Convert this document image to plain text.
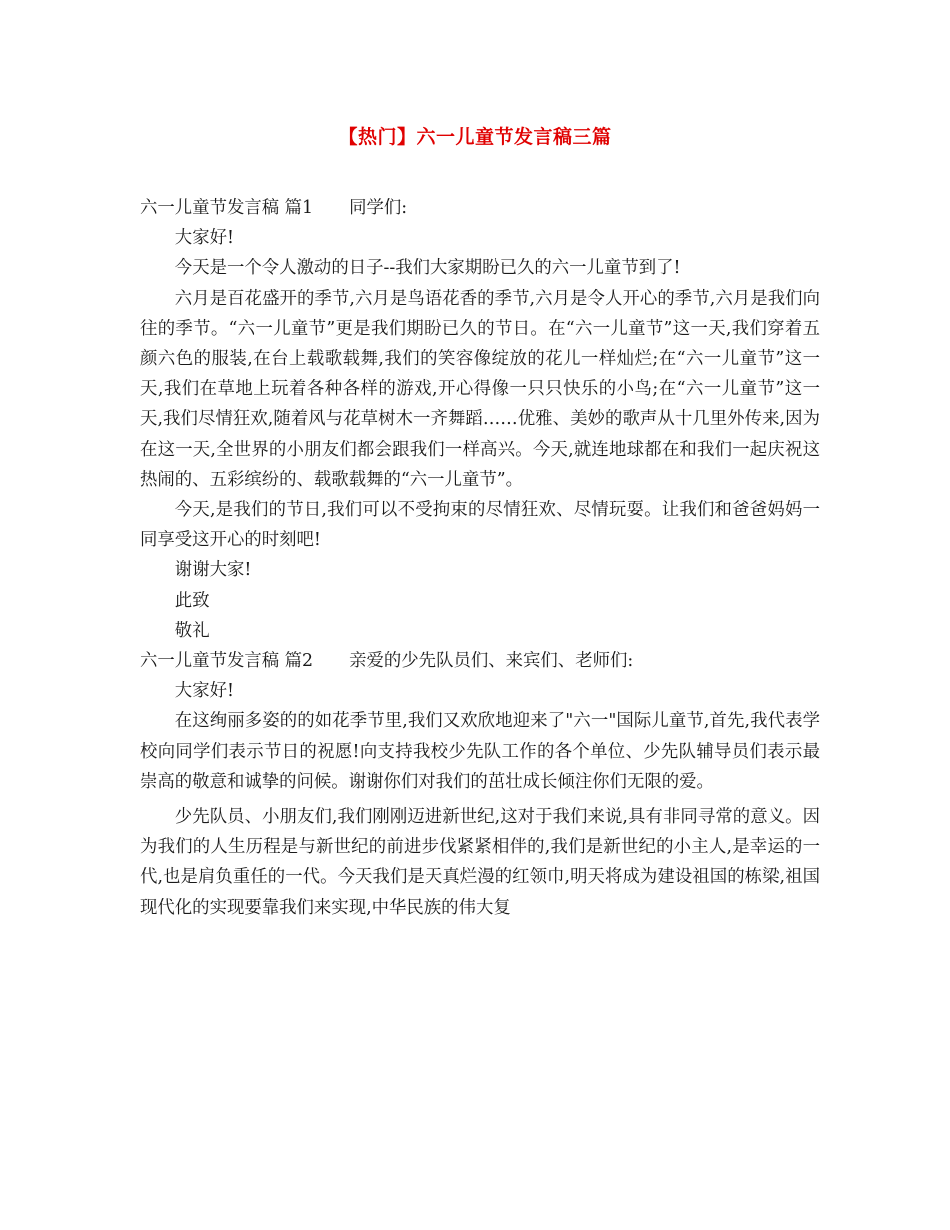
【热门】六一儿童节发言稿三篇

六一儿童节发言稿 篇1 同学们:

大家好!

今天是一个令人激动的日子--我们大家期盼已久的六一儿童节到了!

六月是百花盛开的季节,六月是鸟语花香的季节,六月是令人开心的季节,六月是我们向往的季节。“六一儿童节”更是我们期盼已久的节日。在“六一儿童节”这一天,我们穿着五颜六色的服装,在台上载歌载舞,我们的笑容像绽放的花儿一样灿烂;在“六一儿童节”这一天,我们在草地上玩着各种各样的游戏,开心得像一只只快乐的小鸟;在“六一儿童节”这一天,我们尽情狂欢,随着风与花草树木一齐舞蹈……优雅、美妙的歌声从十几里外传来,因为在这一天,全世界的小朋友们都会跟我们一样高兴。今天,就连地球都在和我们一起庆祝这热闹的、五彩缤纷的、载歌载舞的“六一儿童节”。

今天,是我们的节日,我们可以不受拘束的尽情狂欢、尽情玩耍。让我们和爸爸妈妈一同享受这开心的时刻吧!

谢谢大家!

此致

敬礼

六一儿童节发言稿 篇2 亲爱的少先队员们、来宾们、老师们:

大家好!

在这绚丽多姿的的如花季节里,我们又欢欣地迎来了"六一"国际儿童节,首先,我代表学校向同学们表示节日的祝愿!向支持我校少先队工作的各个单位、少先队辅导员们表示最崇高的敬意和诚挚的问候。谢谢你们对我们的茁壮成长倾注你们无限的爱。

少先队员、小朋友们,我们刚刚迈进新世纪,这对于我们来说,具有非同寻常的意义。因为我们的人生历程是与新世纪的前进步伐紧紧相伴的,我们是新世纪的小主人,是幸运的一代,也是肩负重任的一代。今天我们是天真烂漫的红领巾,明天将成为建设祖国的栋梁,祖国现代化的实现要靠我们来实现,中华民族的伟大复
